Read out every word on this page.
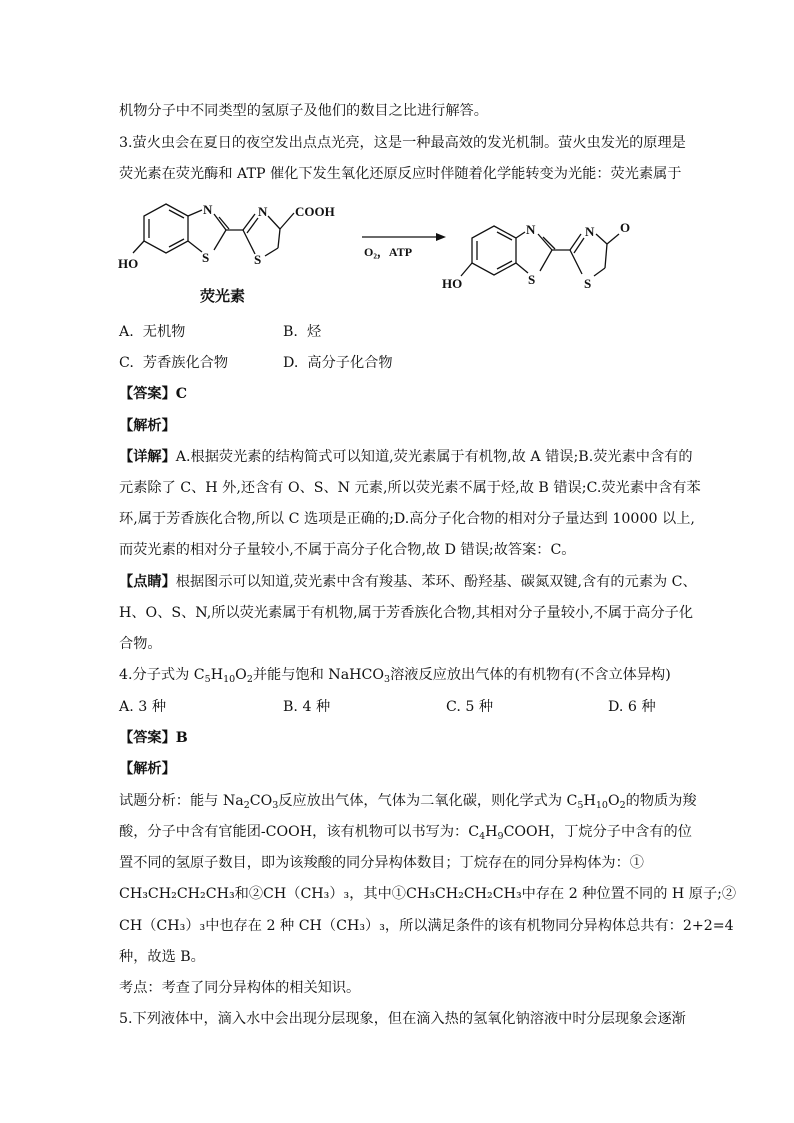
机物分子中不同类型的氢原子及他们的数目之比进行解答。
3.萤火虫会在夏日的夜空发出点点光亮，这是一种最高效的发光机制。萤火虫发光的原理是
荧光素在荧光酶和 ATP 催化下发生氧化还原反应时伴随着化学能转变为光能：荧光素属于
N
S
HO
N
S
COOH
N
S
HO
N
S
O
O₂，ATP
荧光素
A. 无机物	B. 烃
C. 芳香族化合物	D. 高分子化合物
【答案】C
【解析】
【详解】A.根据荧光素的结构简式可以知道,荧光素属于有机物,故 A 错误;B.荧光素中含有的
元素除了 C、H 外,还含有 O、S、N 元素,所以荧光素不属于烃,故 B 错误;C.荧光素中含有苯
环,属于芳香族化合物,所以 C 选项是正确的;D.高分子化合物的相对分子量达到 10000 以上,
而荧光素的相对分子量较小,不属于高分子化合物,故 D 错误;故答案：C。
【点睛】根据图示可以知道,荧光素中含有羧基、苯环、酚羟基、碳氮双键,含有的元素为 C、
H、O、S、N,所以荧光素属于有机物,属于芳香族化合物,其相对分子量较小,不属于高分子化
合物。
4.分子式为 $C_5H_{10}O_2$并能与饱和 NaHCO$_3$溶液反应放出气体的有机物有(不含立体异构)
A. 3 种	B. 4 种	C. 5 种	D. 6 种
【答案】B
【解析】
试题分析：能与 $Na_2CO_3$反应放出气体，气体为二氧化碳，则化学式为 $C_5H_{10}O_2$的物质为羧
酸，分子中含有官能团-COOH，该有机物可以书写为：$C_4H_9COOH$，丁烷分子中含有的位
置不同的氢原子数目，即为该羧酸的同分异构体数目；丁烷存在的同分异构体为：①
CH₃CH₂CH₂CH₃和②CH（CH₃）₃，其中①CH₃CH₂CH₂CH₃中存在 2 种位置不同的 H 原子;②
CH（CH₃）₃中也存在 2 种 CH（CH₃）₃，所以满足条件的该有机物同分异构体总共有：2+2=4
种，故选 B。
考点：考查了同分异构体的相关知识。
5.下列液体中，滴入水中会出现分层现象，但在滴入热的氢氧化钠溶液中时分层现象会逐渐
